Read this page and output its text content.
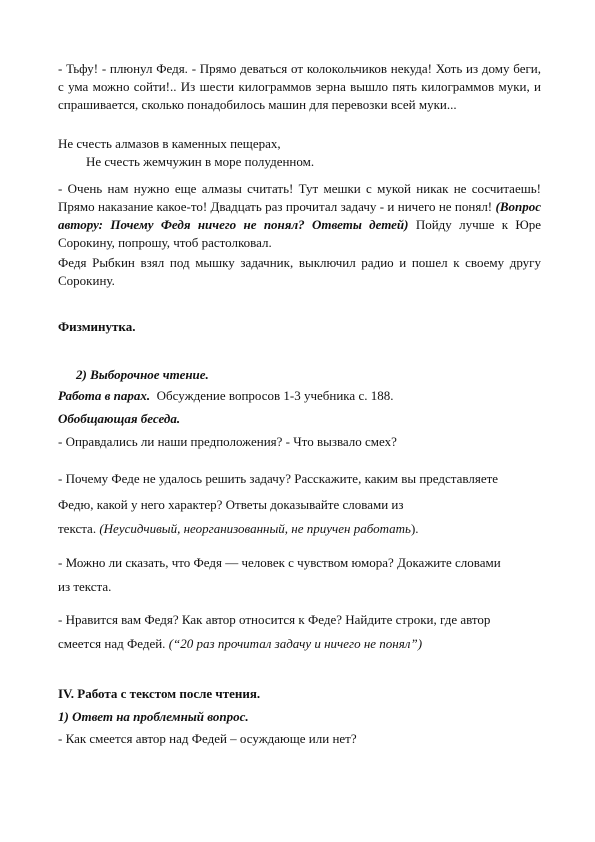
- Тьфу! - плюнул Федя. - Прямо деваться от колокольчиков некуда! Хоть из дому беги, с ума можно сойти!.. Из шести килограммов зерна вышло пять килограммов муки, и спрашивается, сколько понадобилось машин для перевозки всей муки...

Не счесть алмазов в каменных пещерах,
Не счесть жемчужин в море полуденном.

- Очень нам нужно еще алмазы считать! Тут мешки с мукой никак не сосчитаешь! Прямо наказание какое-то! Двадцать раз прочитал задачу - и ничего не понял! (Вопрос автору: Почему Федя ничего не понял? Ответы детей) Пойду лучше к Юре Сорокину, попрошу, чтоб растолковал.

Федя Рыбкин взял под мышку задачник, выключил радио и пошел к своему другу Сорокину.

Физминутка.

2) Выборочное чтение.

Работа в парах. Обсуждение вопросов 1-3 учебника с. 188.

Обобщающая беседа.

- Оправдались ли наши предположения? - Что вызвало смех?

- Почему Феде не удалось решить задачу? Расскажите, каким вы представляете

Федю, какой у него характер? Ответы доказывайте словами из

текста. (Неусидчивый, неорганизованный, не приучен работать).

- Можно ли сказать, что Федя — человек с чувством юмора? Докажите словами

из текста.

- Нравится вам Федя? Как автор относится к Феде? Найдите строки, где автор

смеется над Федей. (“20 раз прочитал задачу и ничего не понял”)

IV. Работа с текстом после чтения.

1) Ответ на проблемный вопрос.

- Как смеется автор над Федей – осуждающе или нет?
